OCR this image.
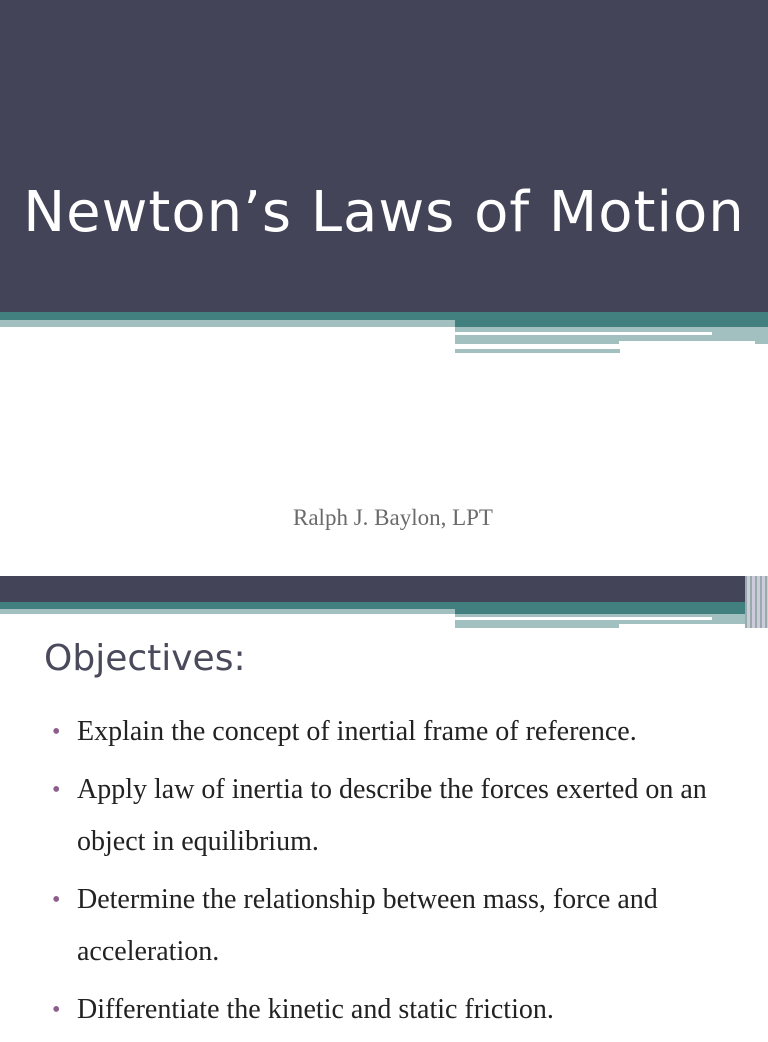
Newton’s Laws of Motion
Ralph J. Baylon, LPT
Objectives:
• Explain the concept of inertial frame of reference.
• Apply law of inertia to describe the forces exerted on an object in equilibrium.
• Determine the relationship between mass, force and acceleration.
• Differentiate the kinetic and static friction.
